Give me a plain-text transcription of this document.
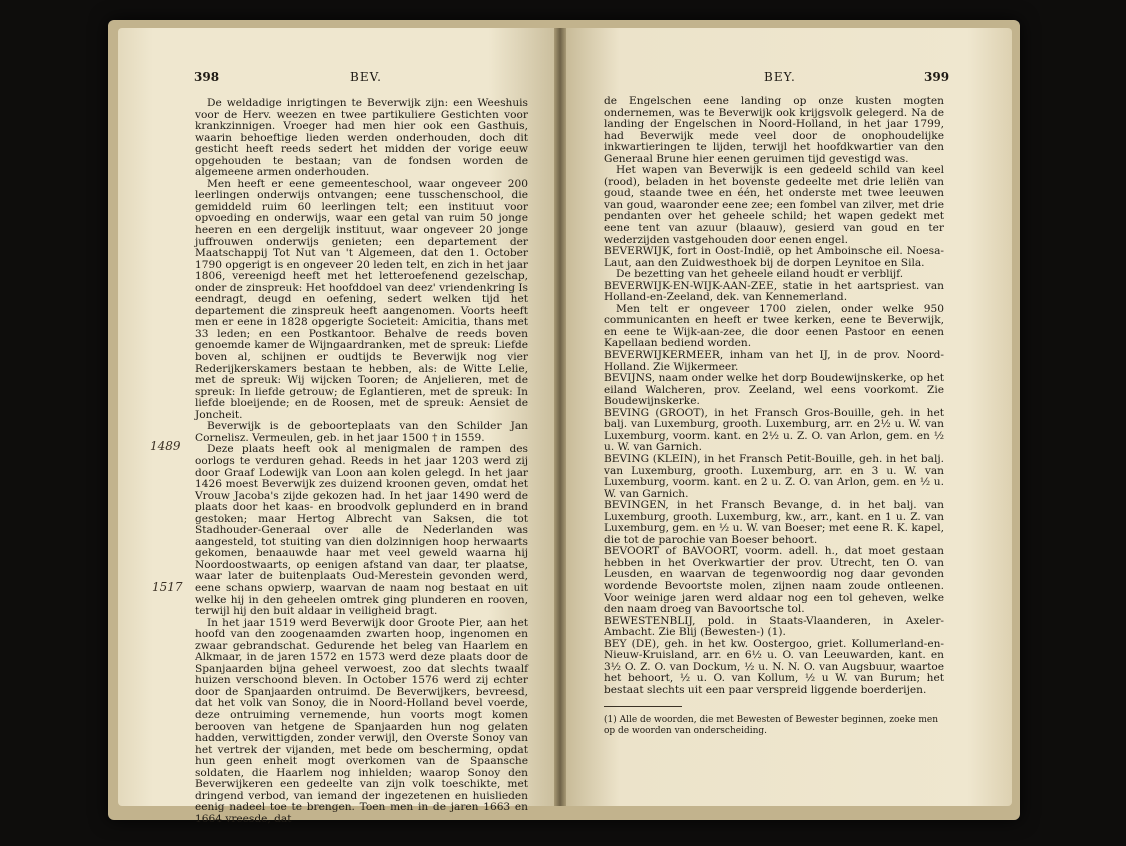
398	BEV.
1489
1517

De weldadige inrigtingen te Beverwijk zijn: een Weeshuis voor de Herv. weezen en twee partikuliere Gestichten voor krankzinnigen. Vroeger had men hier ook een Gasthuis, waarin behoeftige lieden werden onderhouden, doch dit gesticht heeft reeds sedert het midden der vorige eeuw opgehouden te bestaan; van de fondsen worden de algemeene armen onderhouden.

Men heeft er eene gemeenteschool, waar ongeveer 200 leerlingen onderwijs ontvangen; eene tusschenschool, die gemiddeld ruim 60 leerlingen telt; een instituut voor opvoeding en onderwijs, waar een getal van ruim 50 jonge heeren en een dergelijk instituut, waar ongeveer 20 jonge juffrouwen onderwijs genieten; een departement der Maatschappij Tot Nut van 't Algemeen, dat den 1. October 1790 opgerigt is en ongeveer 20 leden telt, en zich in het jaar 1806, vereenigd heeft met het letteroefenend gezelschap, onder de zinspreuk: Het hoofddoel van deez' vriendenkring Is eendragt, deugd en oefening, sedert welken tijd het departement die zinspreuk heeft aangenomen. Voorts heeft men er eene in 1828 opgerigte Societeit: Amicitia, thans met 33 leden; en een Postkantoor. Behalve de reeds boven genoemde kamer de Wijngaardranken, met de spreuk: Liefde boven al, schijnen er oudtijds te Beverwijk nog vier Rederijkerskamers bestaan te hebben, als: de Witte Lelie, met de spreuk: Wij wijcken Tooren; de Anjelieren, met de spreuk: In liefde getrouw; de Eglantieren, met de spreuk: In liefde bloeijende; en de Roosen, met de spreuk: Aensiet de Joncheit.

Beverwijk is de geboorteplaats van den Schilder Jan Cornelisz. Vermeulen, geb. in het jaar 1500 † in 1559.

Deze plaats heeft ook al menigmalen de rampen des oorlogs te verduren gehad. Reeds in het jaar 1203 werd zij door Graaf Lodewijk van Loon aan kolen gelegd. In het jaar 1426 moest Beverwijk zes duizend kroonen geven, omdat het Vrouw Jacoba's zijde gekozen had. In het jaar 1490 werd de plaats door het kaas- en broodvolk geplunderd en in brand gestoken; maar Hertog Albrecht van Saksen, die tot Stadhouder-Generaal over alle de Nederlanden was aangesteld, tot stuiting van dien dolzinnigen hoop herwaarts gekomen, benaauwde haar met veel geweld waarna hij Noordoostwaarts, op eenigen afstand van daar, ter plaatse, waar later de buitenplaats Oud-Merestein gevonden werd, eene schans opwierp, waarvan de naam nog bestaat en uit welke hij in den geheelen omtrek ging plunderen en rooven, terwijl hij den buit aldaar in veiligheid bragt.

In het jaar 1519 werd Beverwijk door Groote Pier, aan het hoofd van den zoogenaamden zwarten hoop, ingenomen en zwaar gebrandschat. Gedurende het beleg van Haarlem en Alkmaar, in de jaren 1572 en 1573 werd deze plaats door de Spanjaarden bijna geheel verwoest, zoo dat slechts twaalf huizen verschoond bleven. In October 1576 werd zij echter door de Spanjaarden ontruimd. De Beverwijkers, bevreesd, dat het volk van Sonoy, die in Noord-Holland bevel voerde, deze ontruiming vernemende, hun voorts mogt komen berooven van hetgene de Spanjaarden hun nog gelaten hadden, verwittigden, zonder verwijl, den Overste Sonoy van het vertrek der vijanden, met bede om bescherming, opdat hun geen enheit mogt overkomen van de Spaansche soldaten, die Haarlem nog inhielden; waarop Sonoy den Beverwijkeren een gedeelte van zijn volk toeschikte, met dringend verbod, van iemand der ingezetenen en huislieden eenig nadeel toe te brengen. Toen men in de jaren 1663 en 1664 vreesde, dat

BEY.	399

de Engelschen eene landing op onze kusten mogten ondernemen, was te Beverwijk ook krijgsvolk gelegerd. Na de landing der Engelschen in Noord-Holland, in het jaar 1799, had Beverwijk mede veel door de onophoudelijke inkwartieringen te lijden, terwijl het hoofdkwartier van den Generaal Brune hier eenen geruimen tijd gevestigd was.

Het wapen van Beverwijk is een gedeeld schild van keel (rood), beladen in het bovenste gedeelte met drie leliën van goud, staande twee en één, het onderste met twee leeuwen van goud, waaronder eene zee; een fombel van zilver, met drie pendanten over het geheele schild; het wapen gedekt met eene tent van azuur (blaauw), gesierd van goud en ter wederzijden vastgehouden door eenen engel.

BEVERWIJK, fort in Oost-Indië, op het Amboinsche eil. Noesa-Laut, aan den Zuidwesthoek bij de dorpen Leynitoe en Sila.

De bezetting van het geheele eiland houdt er verblijf.

BEVERWIJK-EN-WIJK-AAN-ZEE, statie in het aartspriest. van Holland-en-Zeeland, dek. van Kennemerland.

Men telt er ongeveer 1700 zielen, onder welke 950 communicanten en heeft er twee kerken, eene te Beverwijk, en eene te Wijk-aan-zee, die door eenen Pastoor en eenen Kapellaan bediend worden.

BEVERWIJKERMEER, inham van het IJ, in de prov. Noord-Holland. Zie Wijkermeer.

BEVIJNS, naam onder welke het dorp Boudewijnskerke, op het eiland Walcheren, prov. Zeeland, wel eens voorkomt. Zie Boudewijnskerke.

BEVING (GROOT), in het Fransch Gros-Bouille, geh. in het balj. van Luxemburg, grooth. Luxemburg, arr. en 2½ u. W. van Luxemburg, voorm. kant. en 2½ u. Z. O. van Arlon, gem. en ½ u. W. van Garnich.

BEVING (KLEIN), in het Fransch Petit-Bouille, geh. in het balj. van Luxemburg, grooth. Luxemburg, arr. en 3 u. W. van Luxemburg, voorm. kant. en 2 u. Z. O. van Arlon, gem. en ½ u. W. van Garnich.

BEVINGEN, in het Fransch Bevange, d. in het balj. van Luxemburg, grooth. Luxemburg, kw., arr., kant. en 1 u. Z. van Luxemburg, gem. en ½ u. W. van Boeser; met eene R. K. kapel, die tot de parochie van Boeser behoort.

BEVOORT of BAVOORT, voorm. adell. h., dat moet gestaan hebben in het Overkwartier der prov. Utrecht, ten O. van Leusden, en waarvan de tegenwoordig nog daar gevonden wordende Bevoortste molen, zijnen naam zoude ontleenen. Voor weinige jaren werd aldaar nog een tol geheven, welke den naam droeg van Bavoortsche tol.

BEWESTENBLIJ, pold. in Staats-Vlaanderen, in Axeler-Ambacht. Zie Blij (Bewesten-) (1).

BEY (DE), geh. in het kw. Oostergoo, griet. Kollumerland-en-Nieuw-Kruisland, arr. en 6½ u. O. van Leeuwarden, kant. en 3½ O. Z. O. van Dockum, ½ u. N. N. O. van Augsbuur, waartoe het behoort, ½ u. O. van Kollum, ½ u W. van Burum; het bestaat slechts uit een paar verspreid liggende boerderijen.

(1) Alle de woorden, die met Bewesten of Bewester beginnen, zoeke men op de woorden van onderscheiding.
